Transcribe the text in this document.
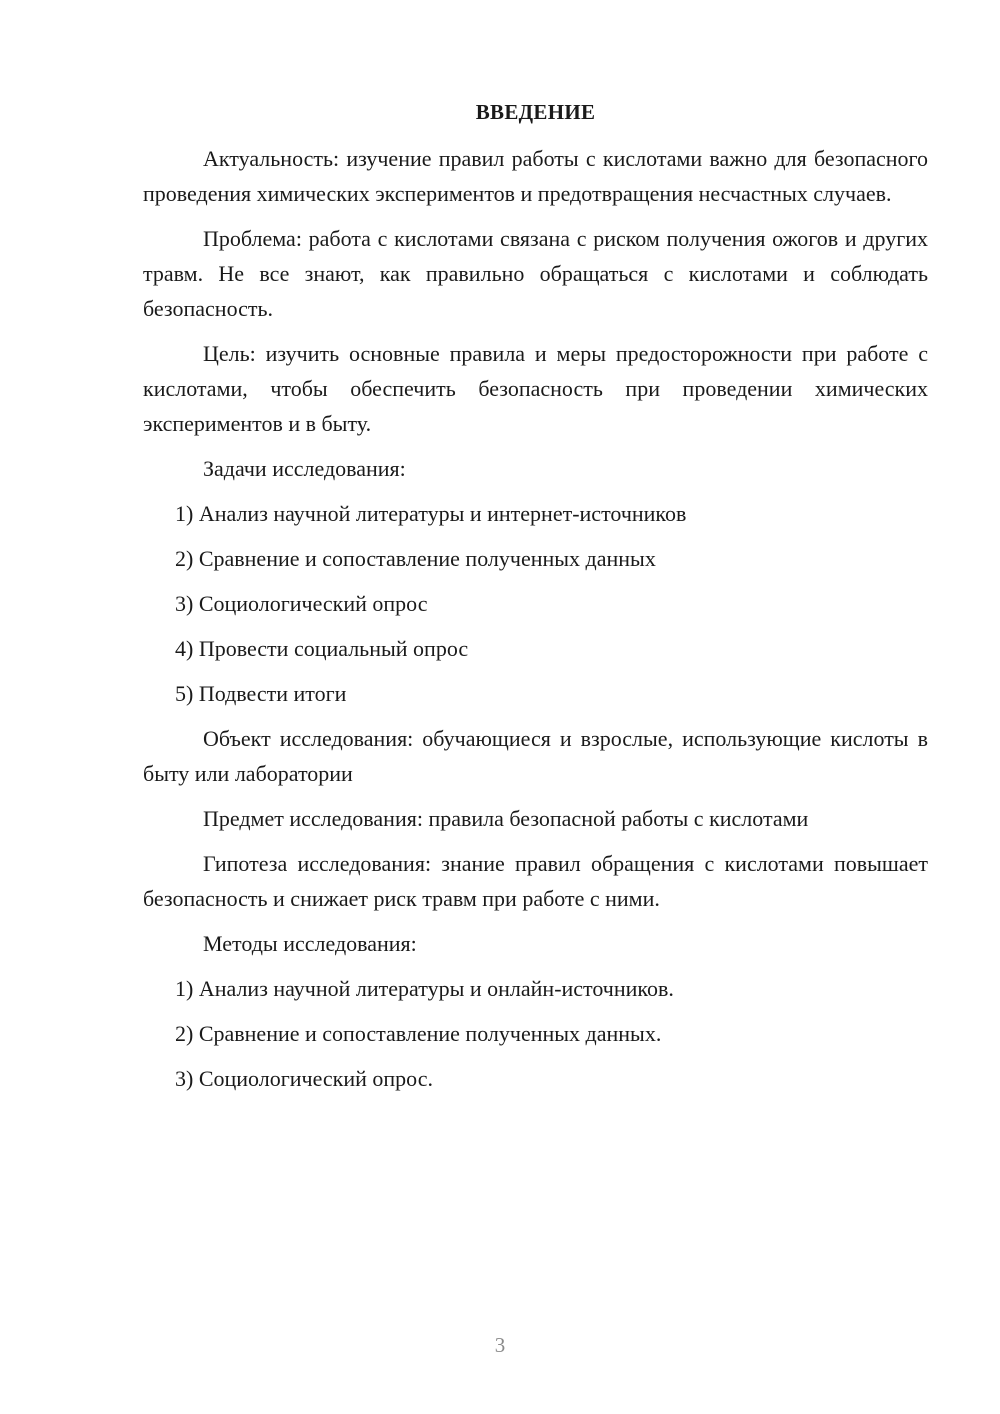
ВВЕДЕНИЕ

Актуальность: изучение правил работы с кислотами важно для безопасного проведения химических экспериментов и предотвращения несчастных случаев.

Проблема: работа с кислотами связана с риском получения ожогов и других травм. Не все знают, как правильно обращаться с кислотами и соблюдать безопасность.

Цель: изучить основные правила и меры предосторожности при работе с кислотами, чтобы обеспечить безопасность при проведении химических экспериментов и в быту.

Задачи исследования:

1) Анализ научной литературы и интернет-источников

2) Сравнение и сопоставление полученных данных

3) Социологический опрос

4) Провести социальный опрос

5) Подвести итоги

Объект исследования: обучающиеся и взрослые, использующие кислоты в быту или лаборатории

Предмет исследования: правила безопасной работы с кислотами

Гипотеза исследования: знание правил обращения с кислотами повышает безопасность и снижает риск травм при работе с ними.

Методы исследования:

1) Анализ научной литературы и онлайн-источников.

2) Сравнение и сопоставление полученных данных.

3) Социологический опрос.

3
